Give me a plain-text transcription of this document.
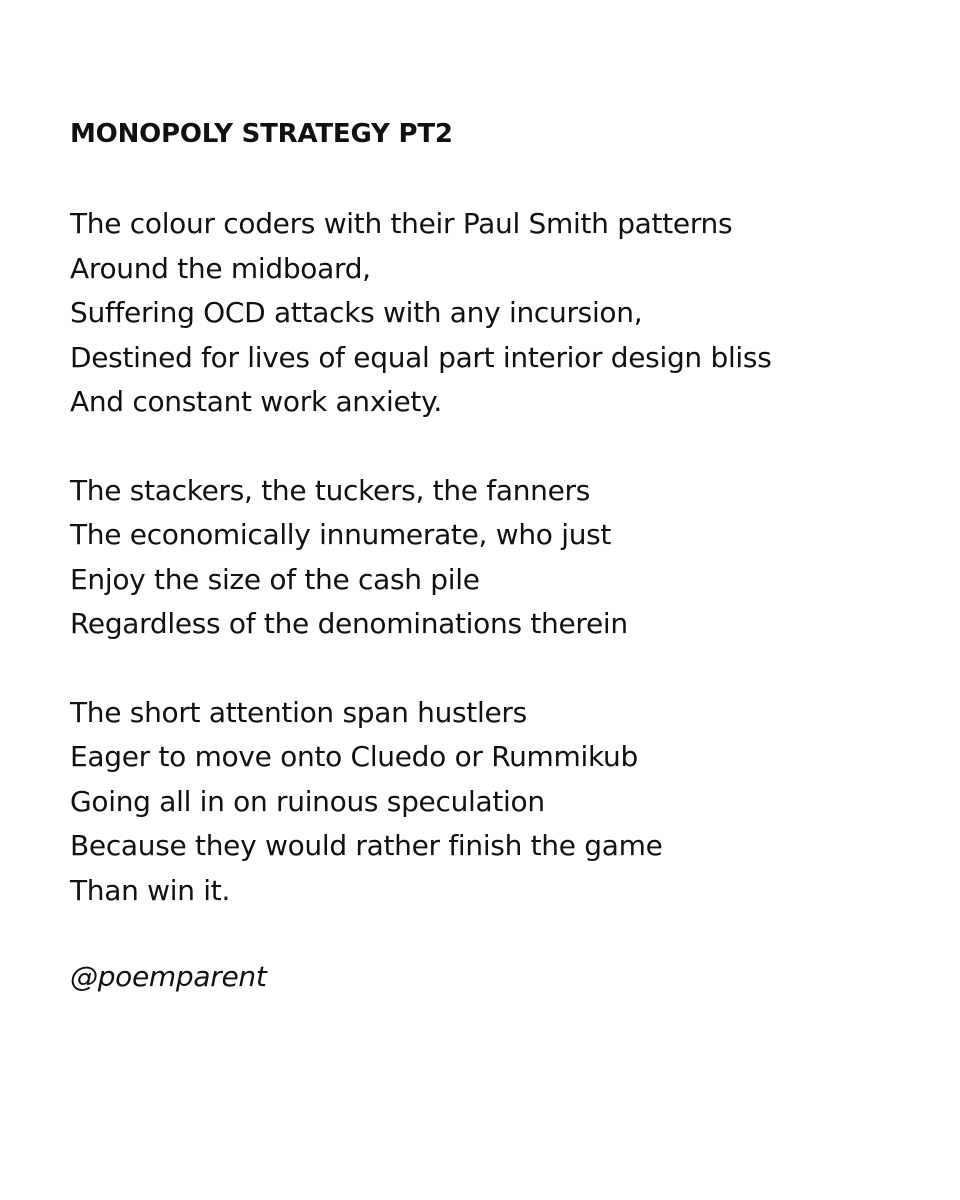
MONOPOLY STRATEGY PT2
The colour coders with their Paul Smith patterns
Around the midboard,
Suffering OCD attacks with any incursion,
Destined for lives of equal part interior design bliss
And constant work anxiety.
The stackers, the tuckers, the fanners
The economically innumerate, who just
Enjoy the size of the cash pile
Regardless of the denominations therein
The short attention span hustlers
Eager to move onto Cluedo or Rummikub
Going all in on ruinous speculation
Because they would rather finish the game
Than win it.
@poemparent
